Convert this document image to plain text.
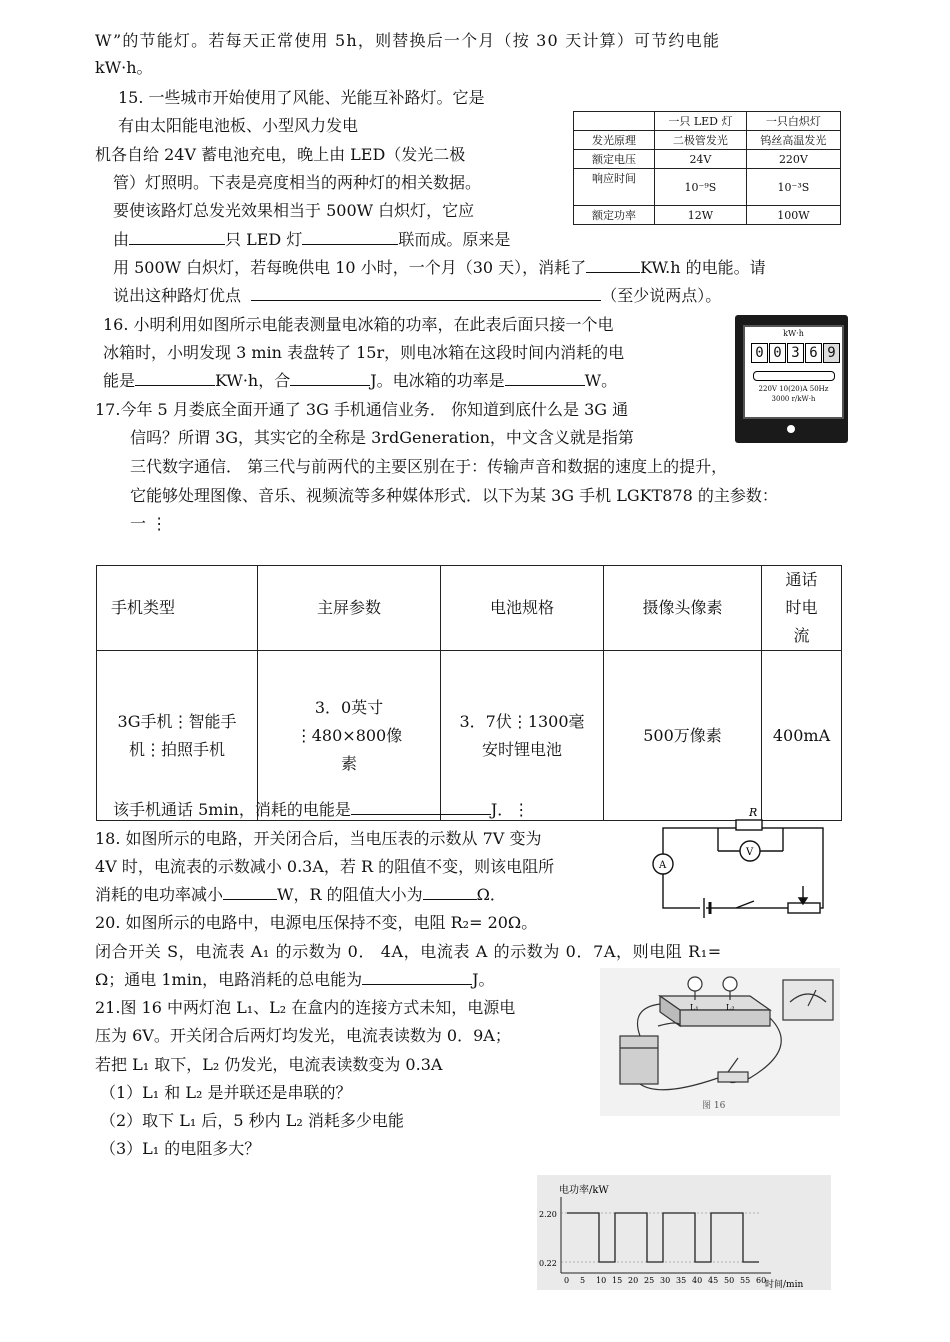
W”的节能灯。若每天正常使用 5h，则替换后一个月（按 30 天计算）可节约电能
kW·h。
15. 一些城市开始使用了风能、光能互补路灯。它是
有由太阳能电池板、小型风力发电
机各自给 24V 蓄电池充电，晚上由 LED（发光二极
管）灯照明。下表是亮度相当的两种灯的相关数据。
要使该路灯总发光效果相当于 500W 白炽灯，它应
由	只 LED 灯	联而成。原来是
用 500W 白炽灯，若每晚供电 10 小时，一个月（30 天），消耗了	KW.h 的电能。请
说出这种路灯优点	（至少说两点）。
	一只 LED 灯	一只白炽灯
发光原理	二极管发光	钨丝高温发光
额定电压	24V	220V
响应时间	10⁻⁹S	10⁻³S
额定功率	12W	100W
16. 小明利用如图所示电能表测量电冰箱的功率，在此表后面只接一个电
冰箱时，小明发现 3 min 表盘转了 15r，则电冰箱在这段时间内消耗的电
能是	KW·h，合	J。电冰箱的功率是	W。
kW·h
0 0 3 6 9
220V 10(20)A 50Hz
3000 r/kW·h
17.今年 5 月娄底全面开通了 3G 手机通信业务． 你知道到底什么是 3G 通
信吗？所谓 3G，其实它的全称是 3rdGeneration，中文含义就是指第
三代数字通信． 第三代与前两代的主要区别在于：传输声音和数据的速度上的提升，
它能够处理图像、音乐、视频流等多种媒体形式．以下为某 3G 手机 LGKT878 的主参数：
一 ⋮
手机类型	主屏参数	电池规格	摄像头像素	通话时电流
3G手机⋮智能手机⋮拍照手机	3．0英寸⋮480×800像素	3．7伏⋮1300毫安时锂电池	500万像素	400mA
该手机通话 5min，消耗的电能是	J．⋮
18. 如图所示的电路，开关闭合后，当电压表的示数从 7V 变为
4V 时，电流表的示数减小 0.3A，若 R 的阻值不变，则该电阻所
消耗的电功率减小	W，R 的阻值大小为	Ω．
R
V
A
20. 如图所示的电路中，电源电压保持不变，电阻 R₂= 20Ω。
闭合开关 S，电流表 A₁ 的示数为 0． 4A，电流表 A 的示数为 0．7A，则电阻 R₁=
Ω；通电 1min，电路消耗的总电能为	J。
21.图 16 中两灯泡 L₁、L₂ 在盒内的连接方式未知，电源电
压为 6V。开关闭合后两灯均发光，电流表读数为 0．9A；
若把 L₁ 取下，L₂ 仍发光，电流表读数变为 0.3A
（1）L₁ 和 L₂ 是并联还是串联的？
（2）取下 L₁ 后，5 秒内 L₂ 消耗多少电能
（3）L₁ 的电阻多大？
L₁	L₂
图 16
电功率/kW
时间/min
2.20
0.22
0 5 10 15 20 25 30 35 40 45 50 55 60
